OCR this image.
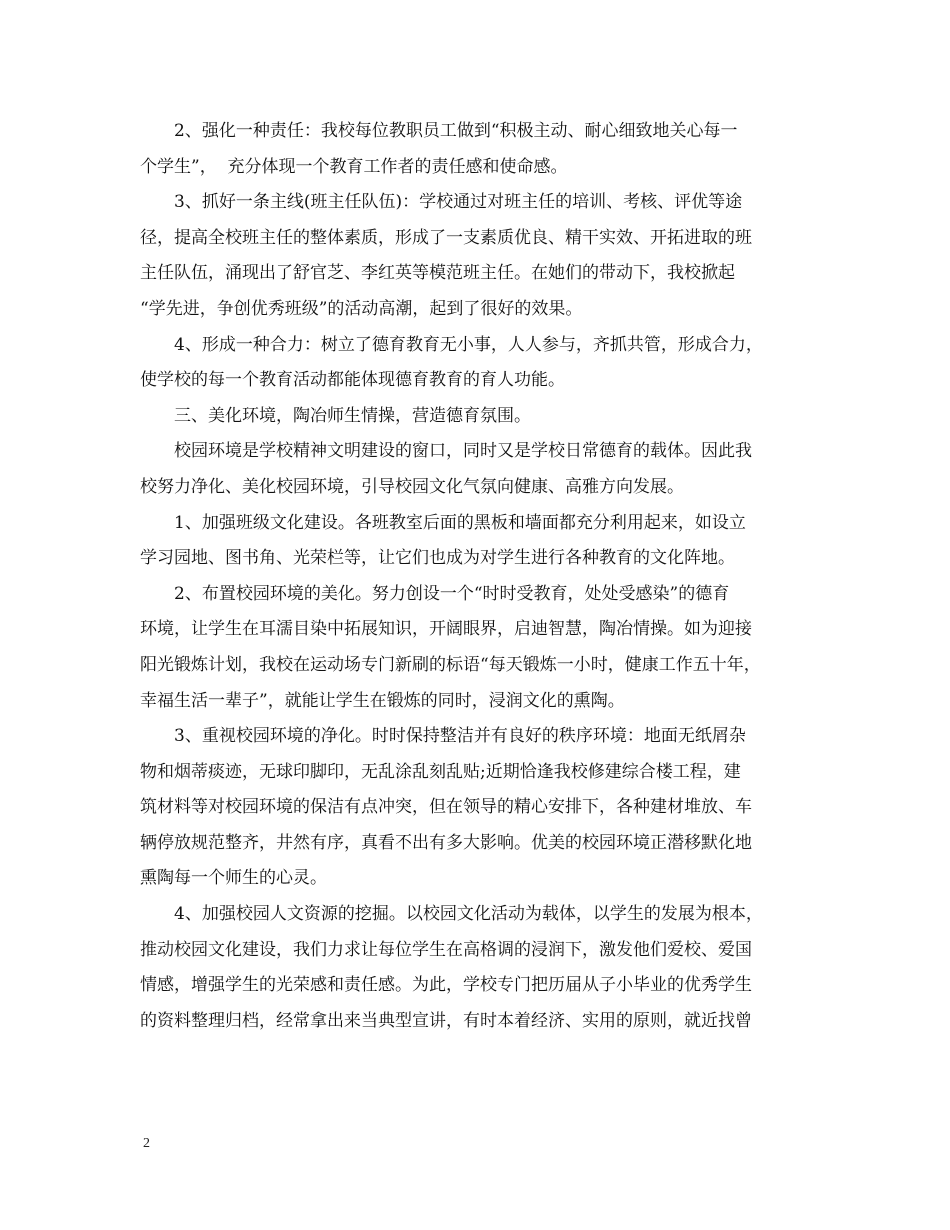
2、强化一种责任：我校每位教职员工做到“积极主动、耐心细致地关心每一
个学生”，  充分体现一个教育工作者的责任感和使命感。
3、抓好一条主线(班主任队伍)：学校通过对班主任的培训、考核、评优等途
径，提高全校班主任的整体素质，形成了一支素质优良、精干实效、开拓进取的班
主任队伍，涌现出了舒官芝、李红英等模范班主任。在她们的带动下，我校掀起
“学先进，争创优秀班级”的活动高潮，起到了很好的效果。
4、形成一种合力：树立了德育教育无小事，人人参与，齐抓共管，形成合力，
使学校的每一个教育活动都能体现德育教育的育人功能。
三、美化环境，陶冶师生情操，营造德育氛围。
校园环境是学校精神文明建设的窗口，同时又是学校日常德育的载体。因此我
校努力净化、美化校园环境，引导校园文化气氛向健康、高雅方向发展。
1、加强班级文化建设。各班教室后面的黑板和墙面都充分利用起来，如设立
学习园地、图书角、光荣栏等，让它们也成为对学生进行各种教育的文化阵地。
2、布置校园环境的美化。努力创设一个“时时受教育，处处受感染”的德育
环境，让学生在耳濡目染中拓展知识，开阔眼界，启迪智慧，陶冶情操。如为迎接
阳光锻炼计划，我校在运动场专门新刷的标语“每天锻炼一小时，健康工作五十年，
幸福生活一辈子”，就能让学生在锻炼的同时，浸润文化的熏陶。
3、重视校园环境的净化。时时保持整洁并有良好的秩序环境：地面无纸屑杂
物和烟蒂痰迹，无球印脚印，无乱涂乱刻乱贴;近期恰逢我校修建综合楼工程，建
筑材料等对校园环境的保洁有点冲突，但在领导的精心安排下，各种建材堆放、车
辆停放规范整齐，井然有序，真看不出有多大影响。优美的校园环境正潜移默化地
熏陶每一个师生的心灵。
4、加强校园人文资源的挖掘。以校园文化活动为载体，以学生的发展为根本，
推动校园文化建设，我们力求让每位学生在高格调的浸润下，激发他们爱校、爱国
情感，增强学生的光荣感和责任感。为此，学校专门把历届从子小毕业的优秀学生
的资料整理归档，经常拿出来当典型宣讲，有时本着经济、实用的原则，就近找曾
2
